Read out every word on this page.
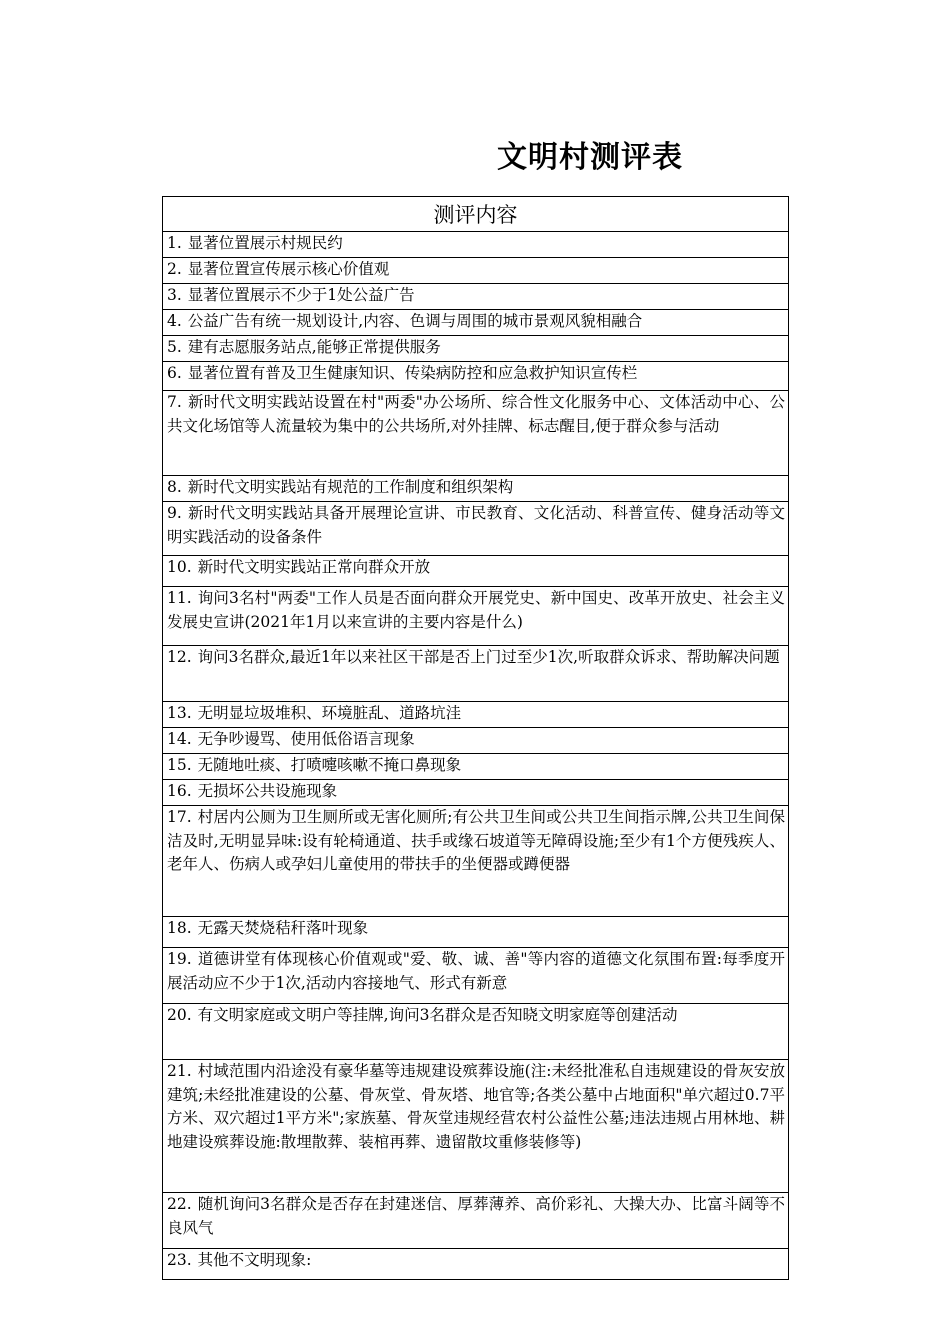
文明村测评表
测评内容
1. 显著位置展示村规民约
2. 显著位置宣传展示核心价值观
3. 显著位置展示不少于1处公益广告
4. 公益广告有统一规划设计,内容、色调与周围的城市景观风貌相融合
5. 建有志愿服务站点,能够正常提供服务
6. 显著位置有普及卫生健康知识、传染病防控和应急救护知识宣传栏
7. 新时代文明实践站设置在村"两委"办公场所、综合性文化服务中心、文体活动中心、公共文化场馆等人流量较为集中的公共场所,对外挂牌、标志醒目,便于群众参与活动
8. 新时代文明实践站有规范的工作制度和组织架构
9. 新时代文明实践站具备开展理论宣讲、市民教育、文化活动、科普宣传、健身活动等文明实践活动的设备条件
10. 新时代文明实践站正常向群众开放
11. 询问3名村"两委"工作人员是否面向群众开展党史、新中国史、改革开放史、社会主义发展史宣讲(2021年1月以来宣讲的主要内容是什么)
12. 询问3名群众,最近1年以来社区干部是否上门过至少1次,听取群众诉求、帮助解决问题
13. 无明显垃圾堆积、环境脏乱、道路坑洼
14. 无争吵谩骂、使用低俗语言现象
15. 无随地吐痰、打喷嚏咳嗽不掩口鼻现象
16. 无损坏公共设施现象
17. 村居内公厕为卫生厕所或无害化厕所;有公共卫生间或公共卫生间指示牌,公共卫生间保洁及时,无明显异味:设有轮椅通道、扶手或缘石坡道等无障碍设施;至少有1个方便残疾人、老年人、伤病人或孕妇儿童使用的带扶手的坐便器或蹲便器
18. 无露天焚烧秸秆落叶现象
19. 道德讲堂有体现核心价值观或"爱、敬、诚、善"等内容的道德文化氛围布置:每季度开展活动应不少于1次,活动内容接地气、形式有新意
20. 有文明家庭或文明户等挂牌,询问3名群众是否知晓文明家庭等创建活动
21. 村域范围内沿途没有豪华墓等违规建设殡葬设施(注:未经批准私自违规建设的骨灰安放建筑;未经批准建设的公墓、骨灰堂、骨灰塔、地官等;各类公墓中占地面积"单穴超过0.7平方米、双穴超过1平方米";家族墓、骨灰堂违规经营农村公益性公墓;违法违规占用林地、耕地建设殡葬设施:散埋散葬、装棺再葬、遗留散坟重修装修等)
22. 随机询问3名群众是否存在封建迷信、厚葬薄养、高价彩礼、大操大办、比富斗阔等不良风气
23. 其他不文明现象:
